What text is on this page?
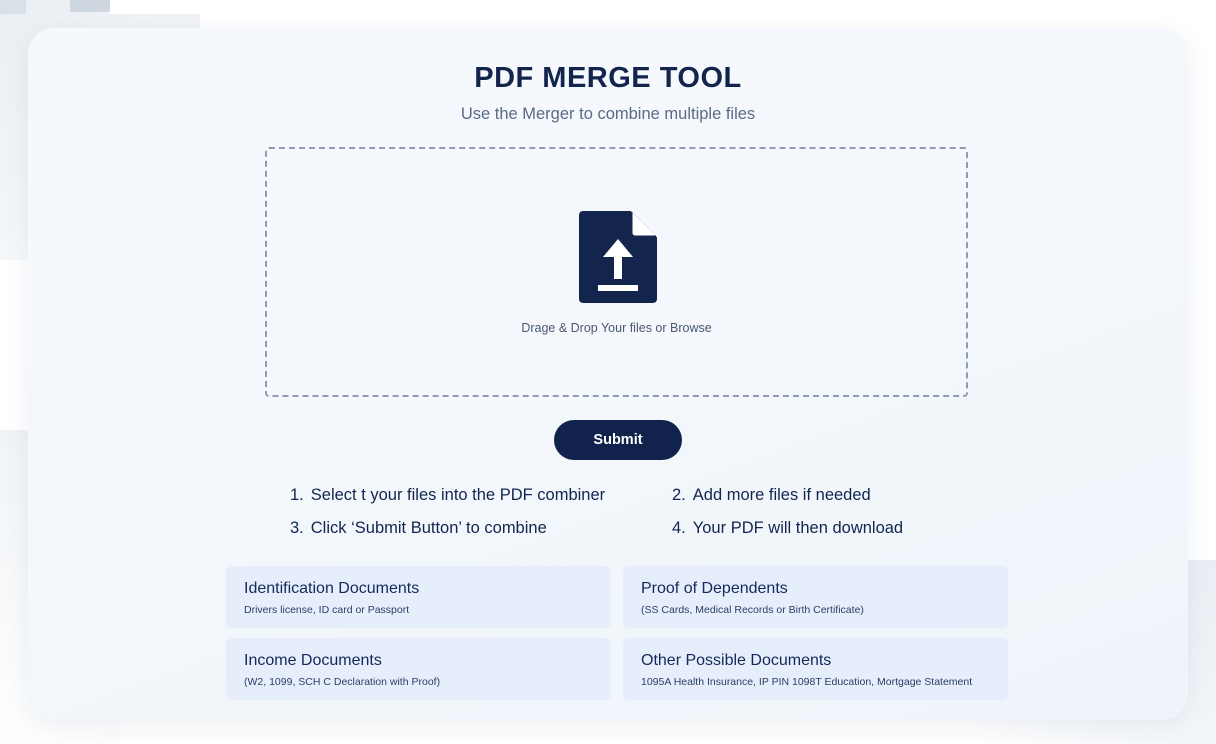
PDF MERGE TOOL
Use the Merger to combine multiple files
Drage & Drop Your files or Browse
Submit
1. Select t your files into the PDF combiner	2. Add more files if needed
3. Click ‘Submit Button’ to combine	4. Your PDF will then download
Identification Documents
Drivers license, ID card or Passport
Proof of Dependents
(SS Cards, Medical Records or Birth Certificate)
Income Documents
(W2, 1099, SCH C Declaration with Proof)
Other Possible Documents
1095A Health Insurance, IP PIN 1098T Education, Mortgage Statement
